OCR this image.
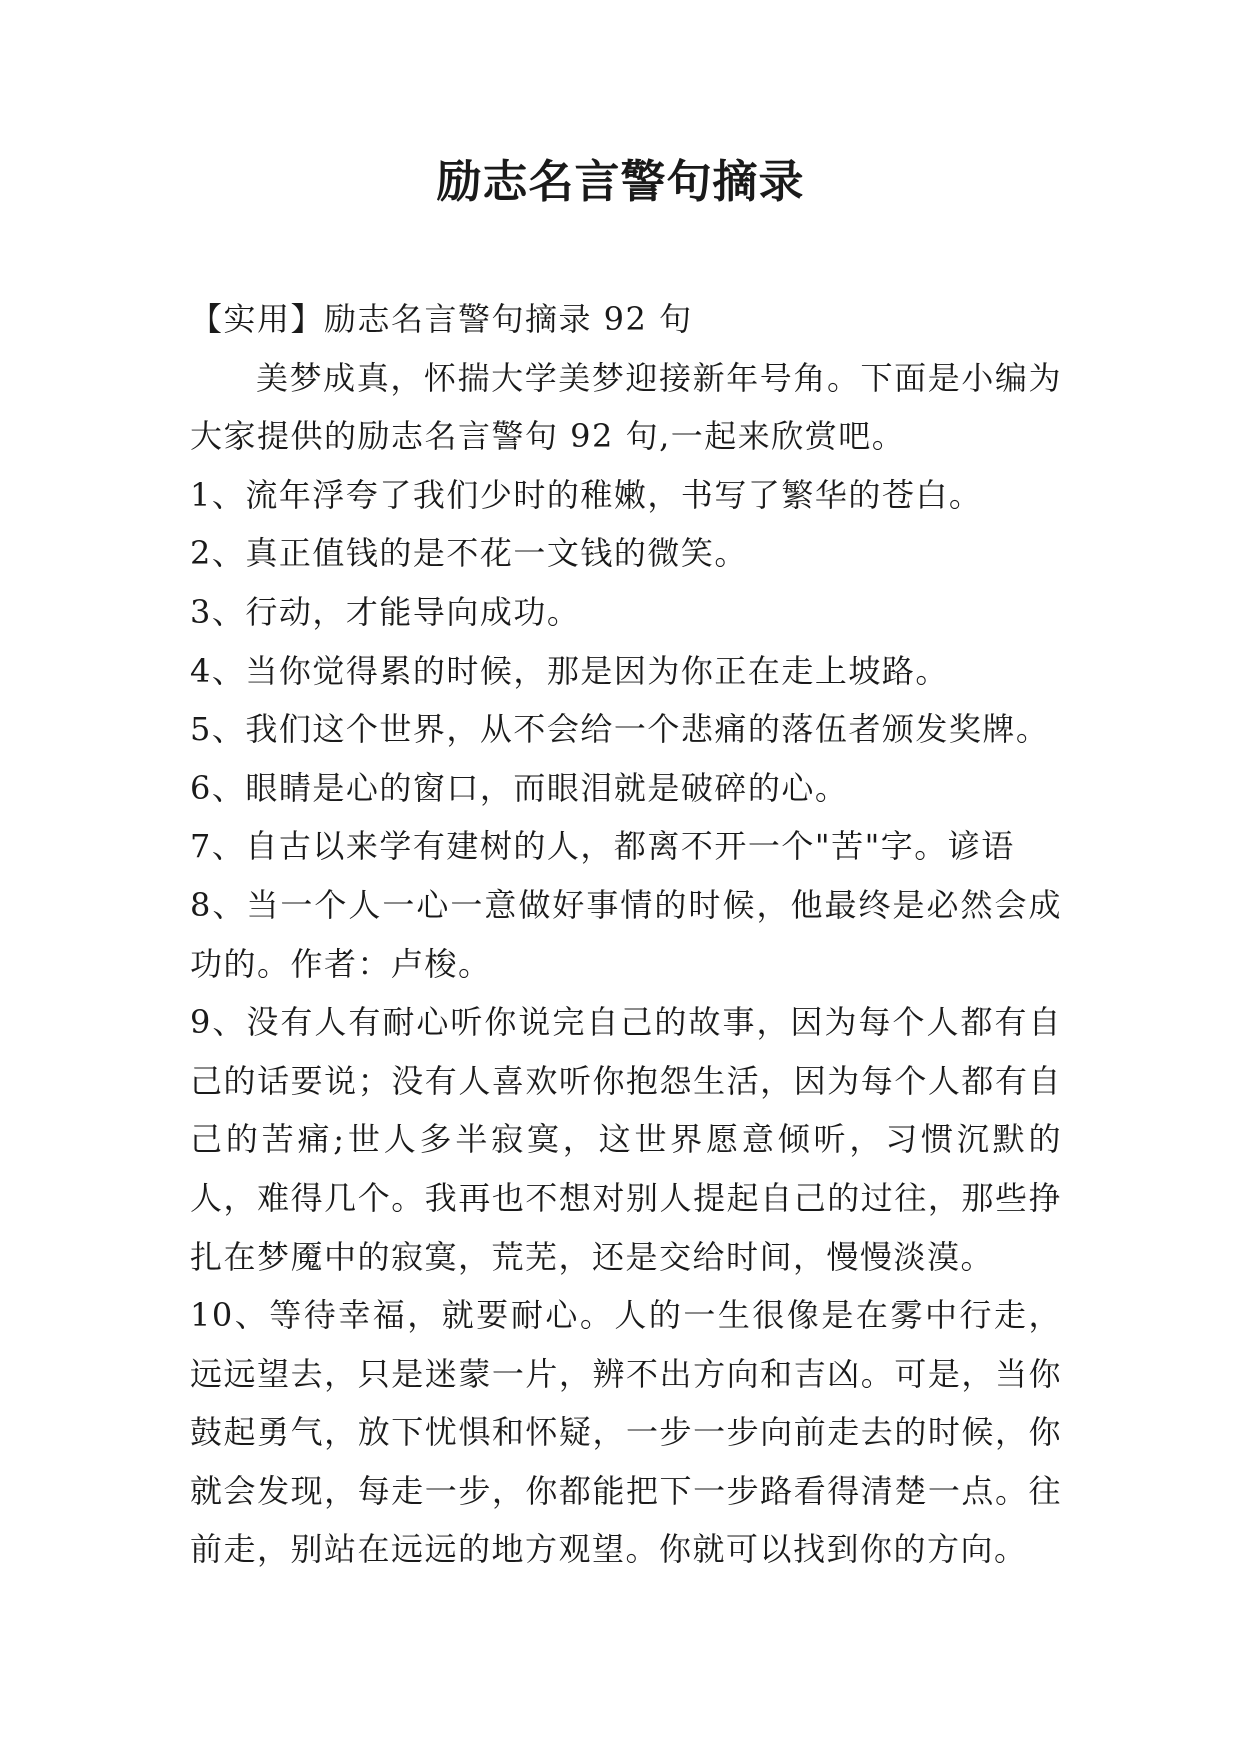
励志名言警句摘录

【实用】励志名言警句摘录 92 句

美梦成真，怀揣大学美梦迎接新年号角。下面是小编为大家提供的励志名言警句 92 句,一起来欣赏吧。

1、流年浮夸了我们少时的稚嫩，书写了繁华的苍白。

2、真正值钱的是不花一文钱的微笑。

3、行动，才能导向成功。

4、当你觉得累的时候，那是因为你正在走上坡路。

5、我们这个世界，从不会给一个悲痛的落伍者颁发奖牌。

6、眼睛是心的窗口，而眼泪就是破碎的心。

7、自古以来学有建树的人，都离不开一个"苦"字。谚语

8、当一个人一心一意做好事情的时候，他最终是必然会成功的。作者：卢梭。

9、没有人有耐心听你说完自己的故事，因为每个人都有自己的话要说；没有人喜欢听你抱怨生活，因为每个人都有自己的苦痛;世人多半寂寞，这世界愿意倾听，习惯沉默的人，难得几个。我再也不想对别人提起自己的过往，那些挣扎在梦魇中的寂寞，荒芜，还是交给时间，慢慢淡漠。

10、等待幸福，就要耐心。人的一生很像是在雾中行走，远远望去，只是迷蒙一片，辨不出方向和吉凶。可是，当你鼓起勇气，放下忧惧和怀疑，一步一步向前走去的时候，你就会发现，每走一步，你都能把下一步路看得清楚一点。往前走，别站在远远的地方观望。你就可以找到你的方向。
